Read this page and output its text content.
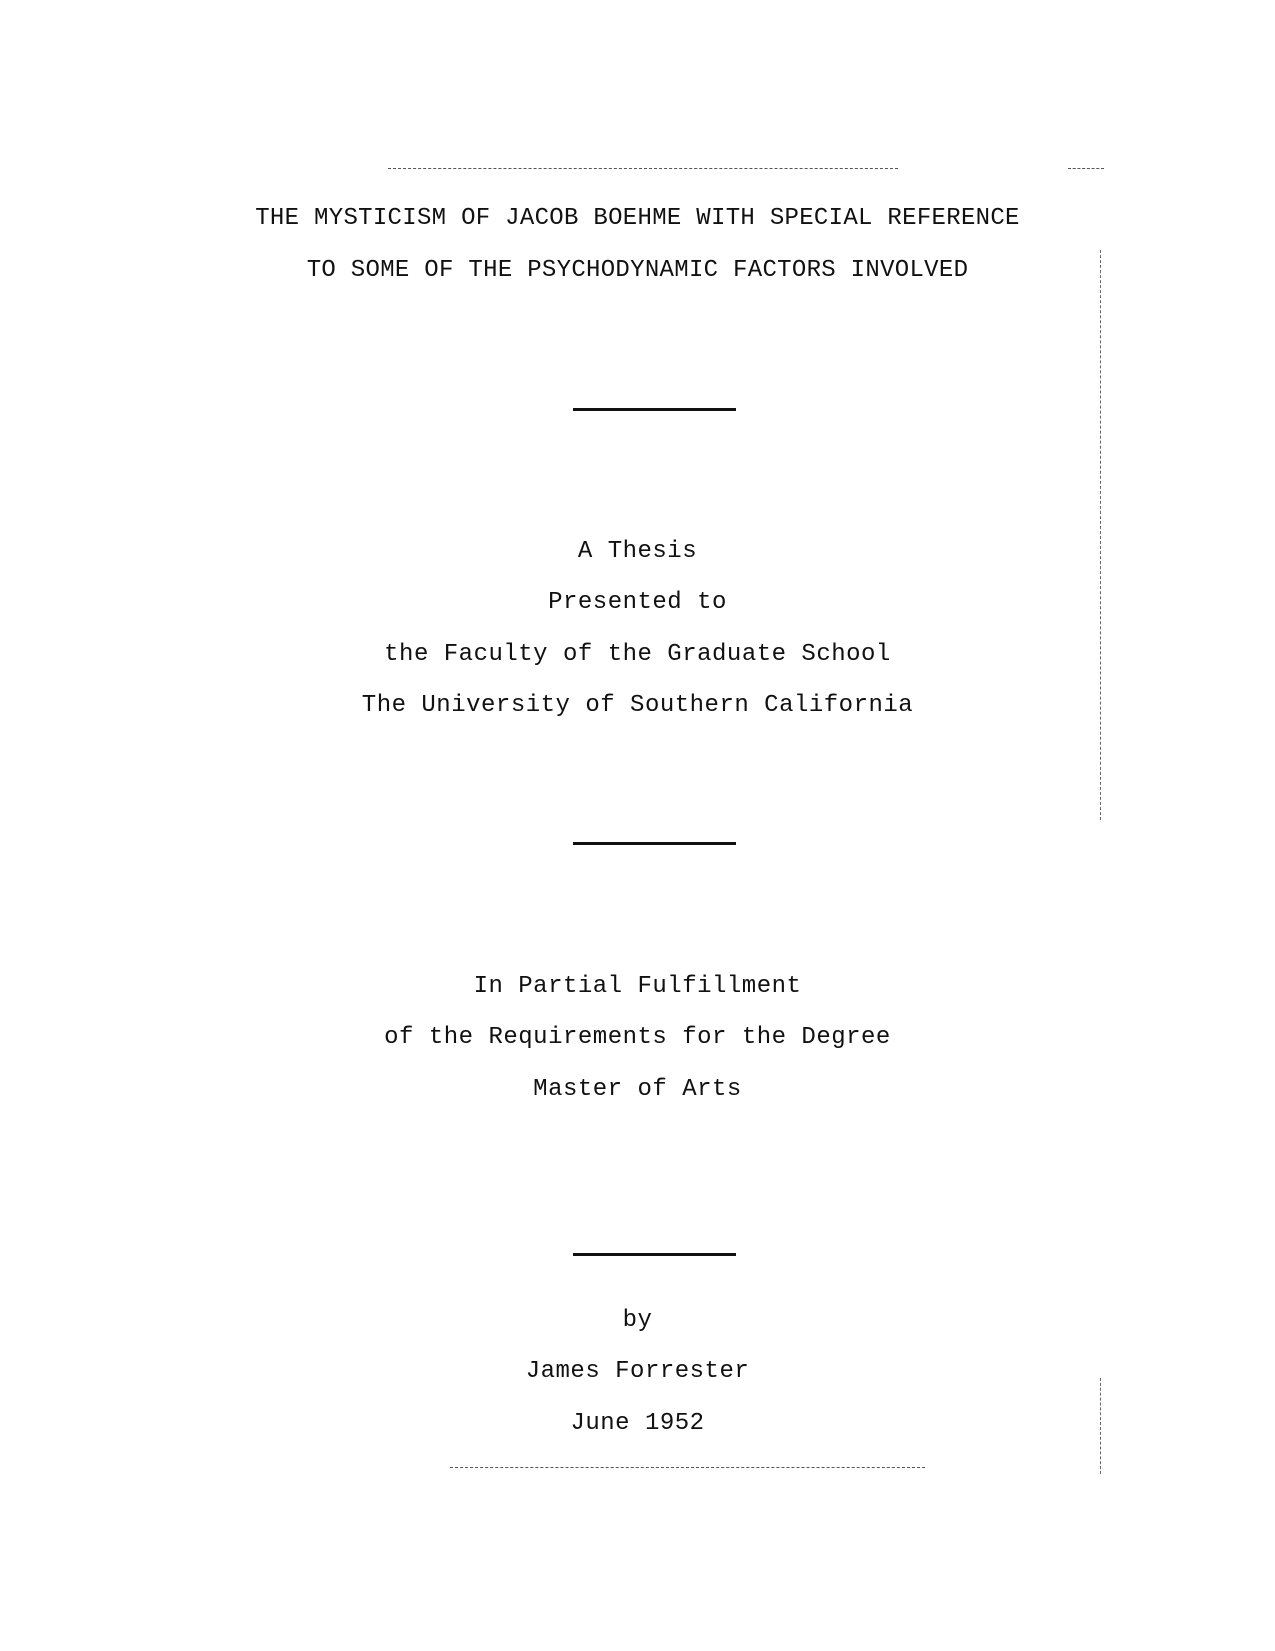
THE MYSTICISM OF JACOB BOEHME WITH SPECIAL REFERENCE
TO SOME OF THE PSYCHODYNAMIC FACTORS INVOLVED
A Thesis
Presented to
the Faculty of the Graduate School
The University of Southern California
In Partial Fulfillment
of the Requirements for the Degree
Master of Arts
by
James Forrester
June 1952
